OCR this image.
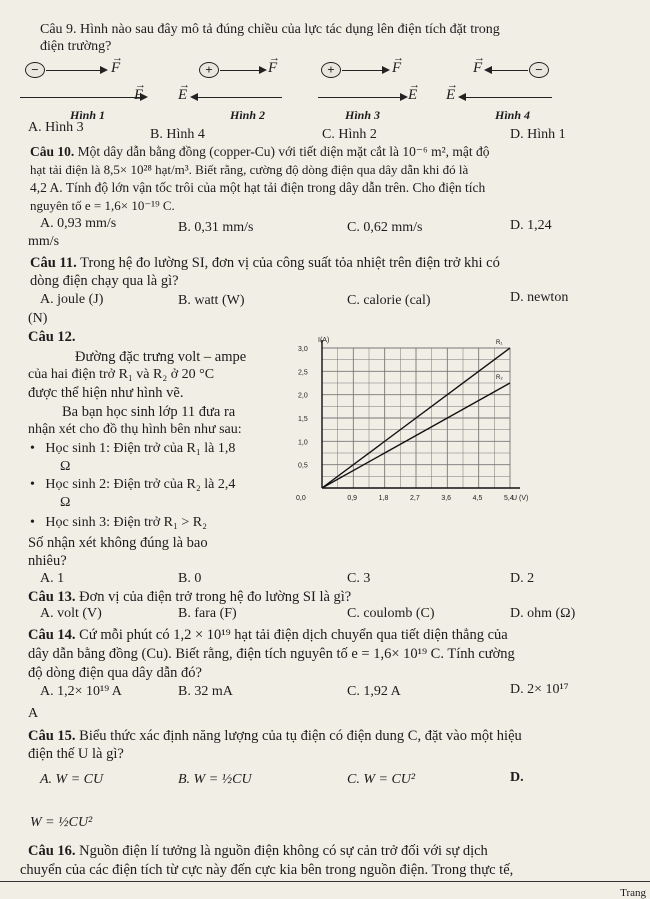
Câu 9. Hình nào sau đây mô tả đúng chiều của lực tác dụng lên điện tích đặt trong
điện trường?
−
→
F
→
E
Hình 1
+
→
F
→
E
Hình 2
+
→
F
→
E
Hình 3
→
F	−
→
E
Hình 4
A. Hình 3	B. Hình 4	C. Hình 2	D. Hình 1
Câu 10. Một dây dẫn bằng đồng (copper-Cu) với tiết diện mặt cắt là 10⁻⁶ m², mật độ
hạt tải điện là 8,5× 10²⁸ hạt/m³. Biết rằng, cường độ dòng điện qua dây dẫn khi đó là
4,2 A. Tính độ lớn vận tốc trôi của một hạt tải điện trong dây dẫn trên. Cho điện tích
nguyên tố e = 1,6× 10⁻¹⁹ C.
A. 0,93 mm/s	B. 0,31 mm/s	C. 0,62 mm/s	D. 1,24
mm/s
Câu 11. Trong hệ đo lường SI, đơn vị của công suất tỏa nhiệt trên điện trở khi có
dòng điện chạy qua là gì?
A. joule (J)	B. watt (W)	C. calorie (cal)	D. newton
(N)
Câu 12.
Đường đặc trưng volt – ampe
của hai điện trở R₁ và R₂ ở 20 °C
được thể hiện như hình vẽ.
Ba bạn học sinh lớp 11 đưa ra
nhận xét cho đồ thụ hình bên như sau:
•   Học sinh 1: Điện trở của R₁ là 1,8
Ω
•   Học sinh 2: Điện trở của R₂ là 2,4
Ω
•   Học sinh 3: Điện trở R₁ > R₂
Số nhận xét không đúng là bao
nhiêu?
A. 1	B. 0	C. 3	D. 2
0,9	1,8	2,7	3,6	4,5	5,4
0,0
0,5
1,0
1,5
2,0
2,5
3,0
U (V)
I(A)	R₁
R₂
Câu 13. Đơn vị của điện trở trong hệ đo lường SI là gì?
A. volt (V)	B. fara (F)	C. coulomb (C)	D. ohm (Ω)
Câu 14. Cứ mỗi phút có 1,2 × 10¹⁹ hạt tải điện dịch chuyển qua tiết diện thẳng của
dây dẫn bằng đồng (Cu). Biết rằng, điện tích nguyên tố e = 1,6× 10¹⁹ C. Tính cường
độ dòng điện qua dây dẫn đó?
A. 1,2× 10¹⁹ A	B. 32 mA	C. 1,92 A	D. 2× 10¹⁷
A
Câu 15. Biểu thức xác định năng lượng của tụ điện có điện dung C, đặt vào một hiệu
điện thế U là gì?
A. W = CU	B. W = ½CU	C. W = CU²	D.
W = ½CU²
Câu 16. Nguồn điện lí tưởng là nguồn điện không có sự cản trở đối với sự dịch
chuyển của các điện tích từ cực này đến cực kia bên trong nguồn điện. Trong thực tế,
Trang
